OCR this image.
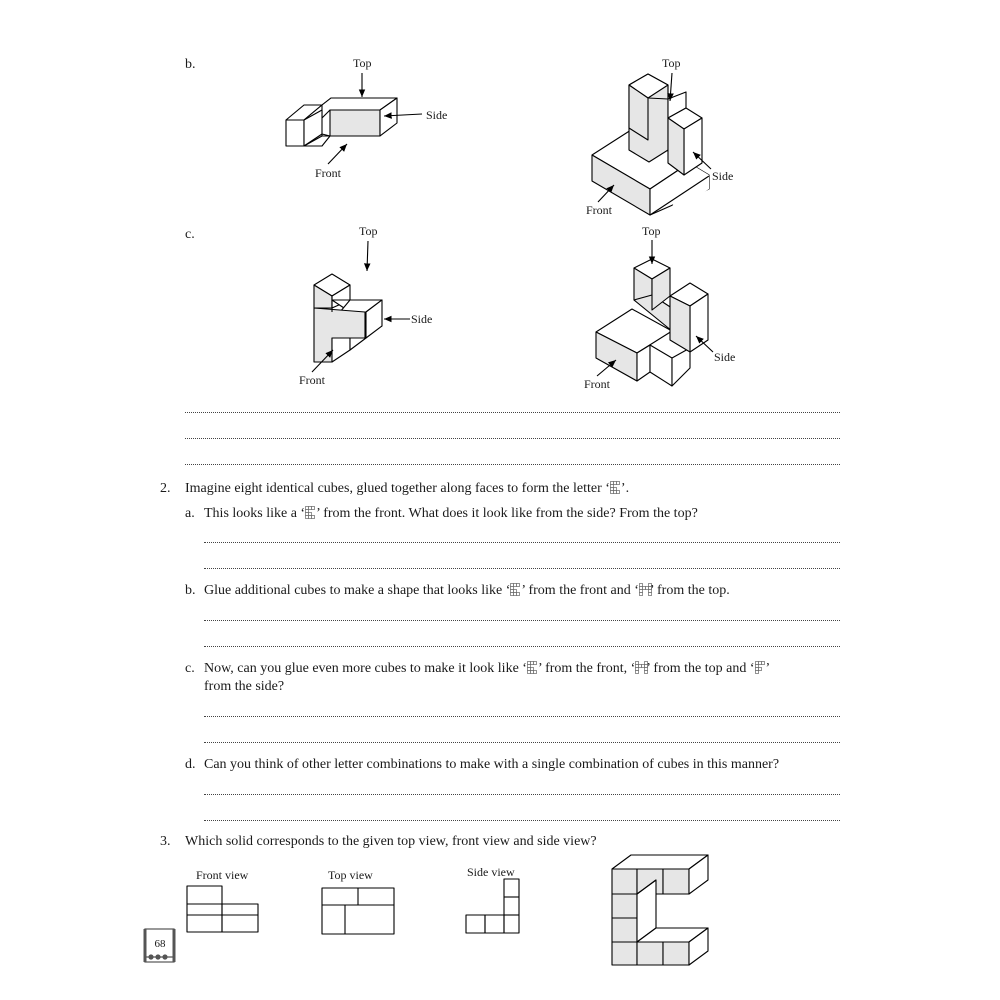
b.
c.
Top
Side
Front
Top
Side
Front
Top
Side
Front
Top
Side
Front
2. Imagine eight identical cubes, glued together along faces to form the letter ‘ ’.
a. This looks like a ‘ ’ from the front. What does it look like from the side? From the top?
b. Glue additional cubes to make a shape that looks like ‘ ’ from the front and ‘ ’ from the top.
c. Now, can you glue even more cubes to make it look like ‘ ’ from the front, ‘ ’ from the top and ‘ ’
from the side?
d. Can you think of other letter combinations to make with a single combination of cubes in this manner?
3. Which solid corresponds to the given top view, front view and side view?
Front view	Top view	Side view
68
